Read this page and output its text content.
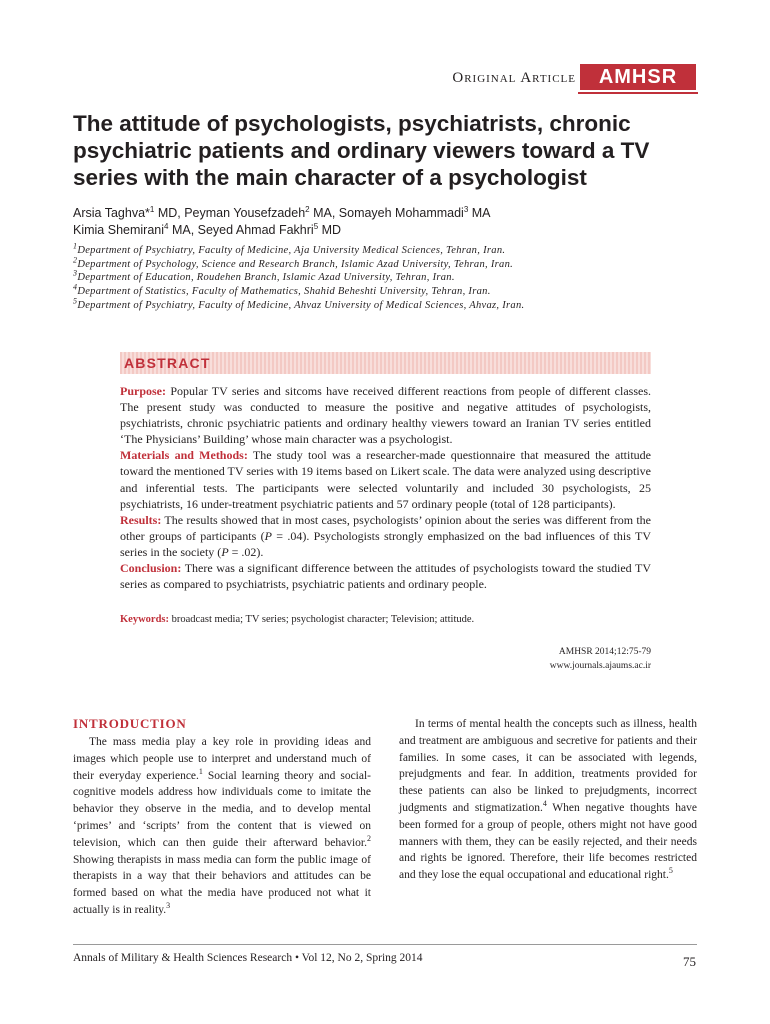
Original Article	AMHSR
The attitude of psychologists, psychiatrists, chronic psychiatric patients and ordinary viewers toward a TV series with the main character of a psychologist
Arsia Taghva*$^1$ MD, Peyman Yousefzadeh$^2$ MA, Somayeh Mohammadi$^3$ MA
Kimia Shemirani$^4$ MA, Seyed Ahmad Fakhri$^5$ MD
$^1$Department of Psychiatry, Faculty of Medicine, Aja University Medical Sciences, Tehran, Iran.
$^2$Department of Psychology, Science and Research Branch, Islamic Azad University, Tehran, Iran.
$^3$Department of Education, Roudehen Branch, Islamic Azad University, Tehran, Iran.
$^4$Department of Statistics, Faculty of Mathematics, Shahid Beheshti University, Tehran, Iran.
$^5$Department of Psychiatry, Faculty of Medicine, Ahvaz University of Medical Sciences, Ahvaz, Iran.
ABSTRACT
Purpose: Popular TV series and sitcoms have received different reactions from people of different classes. The present study was conducted to measure the positive and negative attitudes of psychologists, psychiatrists, chronic psychiatric patients and ordinary healthy viewers toward an Iranian TV series entitled ‘The Physicians’ Building’ whose main character was a psychologist.
Materials and Methods: The study tool was a researcher-made questionnaire that measured the attitude toward the mentioned TV series with 19 items based on Likert scale. The data were analyzed using descriptive and inferential tests. The participants were selected voluntarily and included 30 psychologists, 25 psychiatrists, 16 under-treatment psychiatric patients and 57 ordinary people (total of 128 participants).
Results: The results showed that in most cases, psychologists’ opinion about the series was different from the other groups of participants (P = .04). Psychologists strongly emphasized on the bad influences of this TV series in the society (P = .02).
Conclusion: There was a significant difference between the attitudes of psychologists toward the studied TV series as compared to psychiatrists, psychiatric patients and ordinary people.
Keywords: broadcast media; TV series; psychologist character; Television; attitude.
AMHSR 2014;12:75-79
www.journals.ajaums.ac.ir
INTRODUCTION

The mass media play a key role in providing ideas and images which people use to interpret and understand much of their everyday experience.$^1$ Social learning theory and social-cognitive models address how individuals come to imitate the behavior they observe in the media, and to develop mental ‘primes’ and ‘scripts’ from the content that is viewed on television, which can then guide their afterward behavior.$^2$ Showing therapists in mass media can form the public image of therapists in a way that their behaviors and attitudes can be formed based on what the media have produced not what it actually is in reality.$^3$

In terms of mental health the concepts such as illness, health and treatment are ambiguous and secretive for patients and their families. In some cases, it can be associated with legends, prejudgments and fear. In addition, treatments provided for these patients can also be linked to prejudgments, incorrect judgments and stigmatization.$^4$ When negative thoughts have been formed for a group of people, others might not have good manners with them, they can be easily rejected, and their needs and rights be ignored. Therefore, their life becomes restricted and they lose the equal occupational and educational right.$^5$

Annals of Military & Health Sciences Research • Vol 12, No 2, Spring 2014	75
